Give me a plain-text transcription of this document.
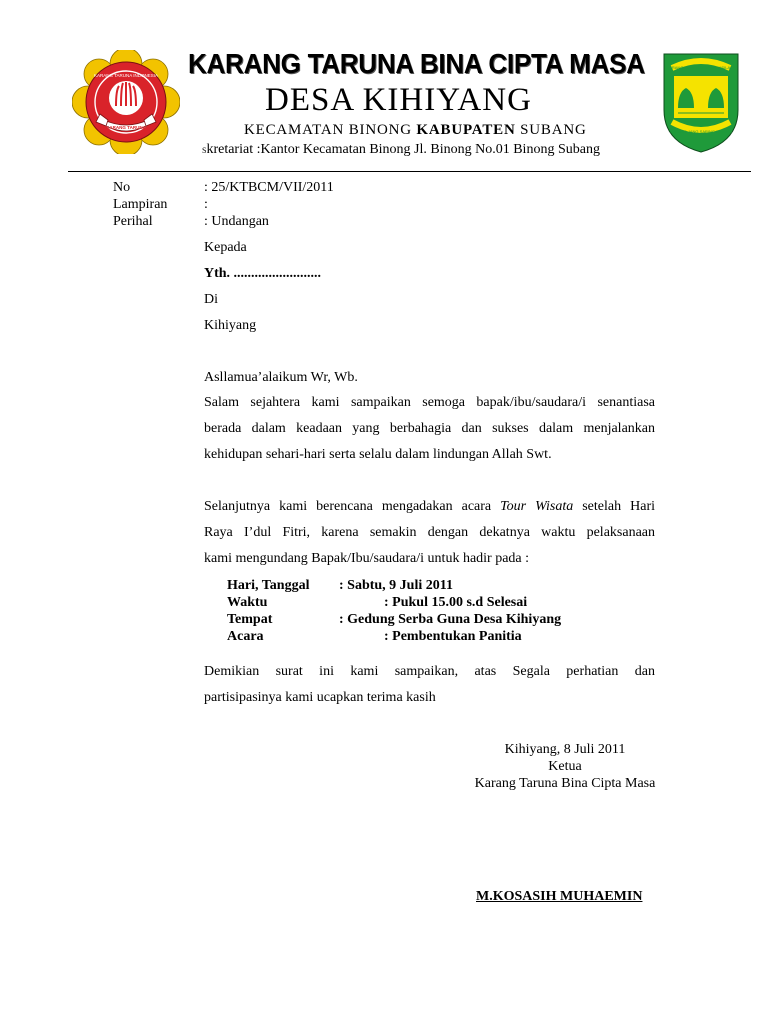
KARANG TARUNA INDONESIA
KARANG TARUNA
RANGGAWULUNG PANCASILA
SUBANG JANG SARING SALUYU
KARANG TARUNA BINA CIPTA MASA
DESA KIHIYANG
KECAMATAN BINONG KABUPATEN SUBANG
Skretariat :Kantor Kecamatan Binong Jl. Binong No.01 Binong Subang
No	: 25/KTBCM/VII/2011
Lampiran	:
Perihal	: Undangan
Kepada
Yth. .........................
Di
Kihiyang
Asllamua’alaikum Wr, Wb.
Salam sejahtera kami sampaikan semoga bapak/ibu/saudara/i senantiasa
berada dalam keadaan yang berbahagia dan sukses dalam menjalankan
kehidupan sehari-hari serta selalu dalam lindungan Allah Swt.
Selanjutnya kami berencana mengadakan acara Tour Wisata setelah Hari
Raya I’dul Fitri, karena semakin dengan dekatnya waktu pelaksanaan
kami mengundang Bapak/Ibu/saudara/i untuk hadir pada :
Hari, Tanggal : Sabtu, 9 Juli 2011
Waktu	: Pukul 15.00 s.d Selesai
Tempat	: Gedung Serba Guna Desa Kihiyang
Acara	: Pembentukan Panitia
Demikian surat ini kami sampaikan, atas Segala perhatian dan
partisipasinya kami ucapkan terima kasih
Kihiyang, 8 Juli 2011
Ketua
Karang Taruna Bina Cipta Masa
M.KOSASIH MUHAEMIN
